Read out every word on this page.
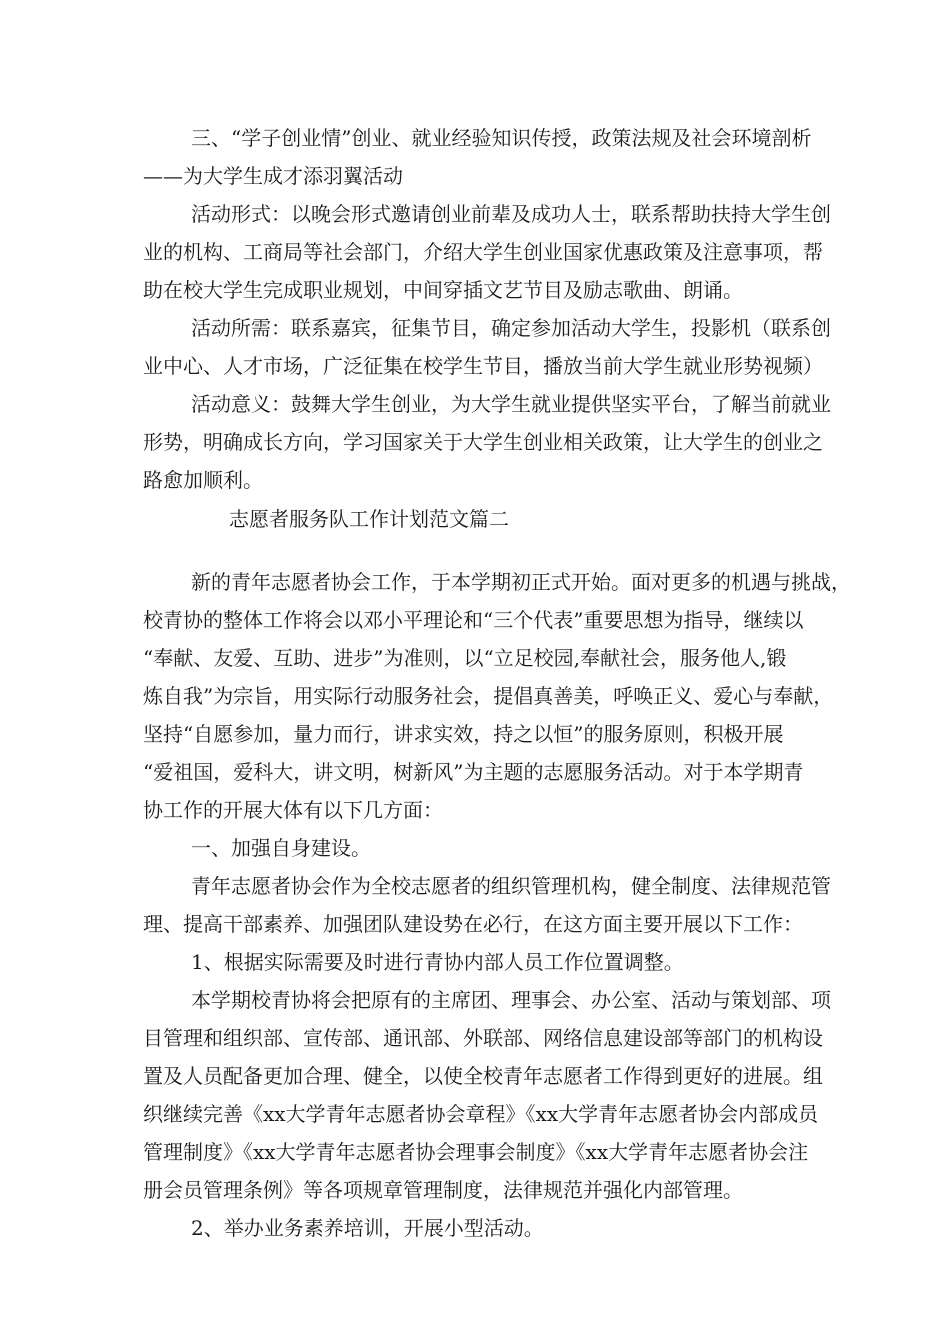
三、“学子创业情”创业、就业经验知识传授，政策法规及社会环境剖析
——为大学生成才添羽翼活动
活动形式：以晚会形式邀请创业前辈及成功人士，联系帮助扶持大学生创
业的机构、工商局等社会部门，介绍大学生创业国家优惠政策及注意事项，帮
助在校大学生完成职业规划，中间穿插文艺节目及励志歌曲、朗诵。
活动所需：联系嘉宾，征集节目，确定参加活动大学生，投影机（联系创
业中心、人才市场，广泛征集在校学生节目，播放当前大学生就业形势视频）
活动意义：鼓舞大学生创业，为大学生就业提供坚实平台，了解当前就业
形势，明确成长方向，学习国家关于大学生创业相关政策，让大学生的创业之
路愈加顺利。
志愿者服务队工作计划范文篇二
新的青年志愿者协会工作，于本学期初正式开始。面对更多的机遇与挑战，
校青协的整体工作将会以邓小平理论和“三个代表”重要思想为指导，继续以
“奉献、友爱、互助、进步”为准则，以“立足校园,奉献社会，服务他人,锻
炼自我”为宗旨，用实际行动服务社会，提倡真善美，呼唤正义、爱心与奉献，
坚持“自愿参加，量力而行，讲求实效，持之以恒”的服务原则，积极开展
“爱祖国，爱科大，讲文明，树新风”为主题的志愿服务活动。对于本学期青
协工作的开展大体有以下几方面：
一、加强自身建设。
青年志愿者协会作为全校志愿者的组织管理机构，健全制度、法律规范管
理、提高干部素养、加强团队建设势在必行，在这方面主要开展以下工作：
1、根据实际需要及时进行青协内部人员工作位置调整。
本学期校青协将会把原有的主席团、理事会、办公室、活动与策划部、项
目管理和组织部、宣传部、通讯部、外联部、网络信息建设部等部门的机构设
置及人员配备更加合理、健全，以使全校青年志愿者工作得到更好的进展。组
织继续完善《xx大学青年志愿者协会章程》《xx大学青年志愿者协会内部成员
管理制度》《xx大学青年志愿者协会理事会制度》《xx大学青年志愿者协会注
册会员管理条例》等各项规章管理制度，法律规范并强化内部管理。
2、举办业务素养培训，开展小型活动。
